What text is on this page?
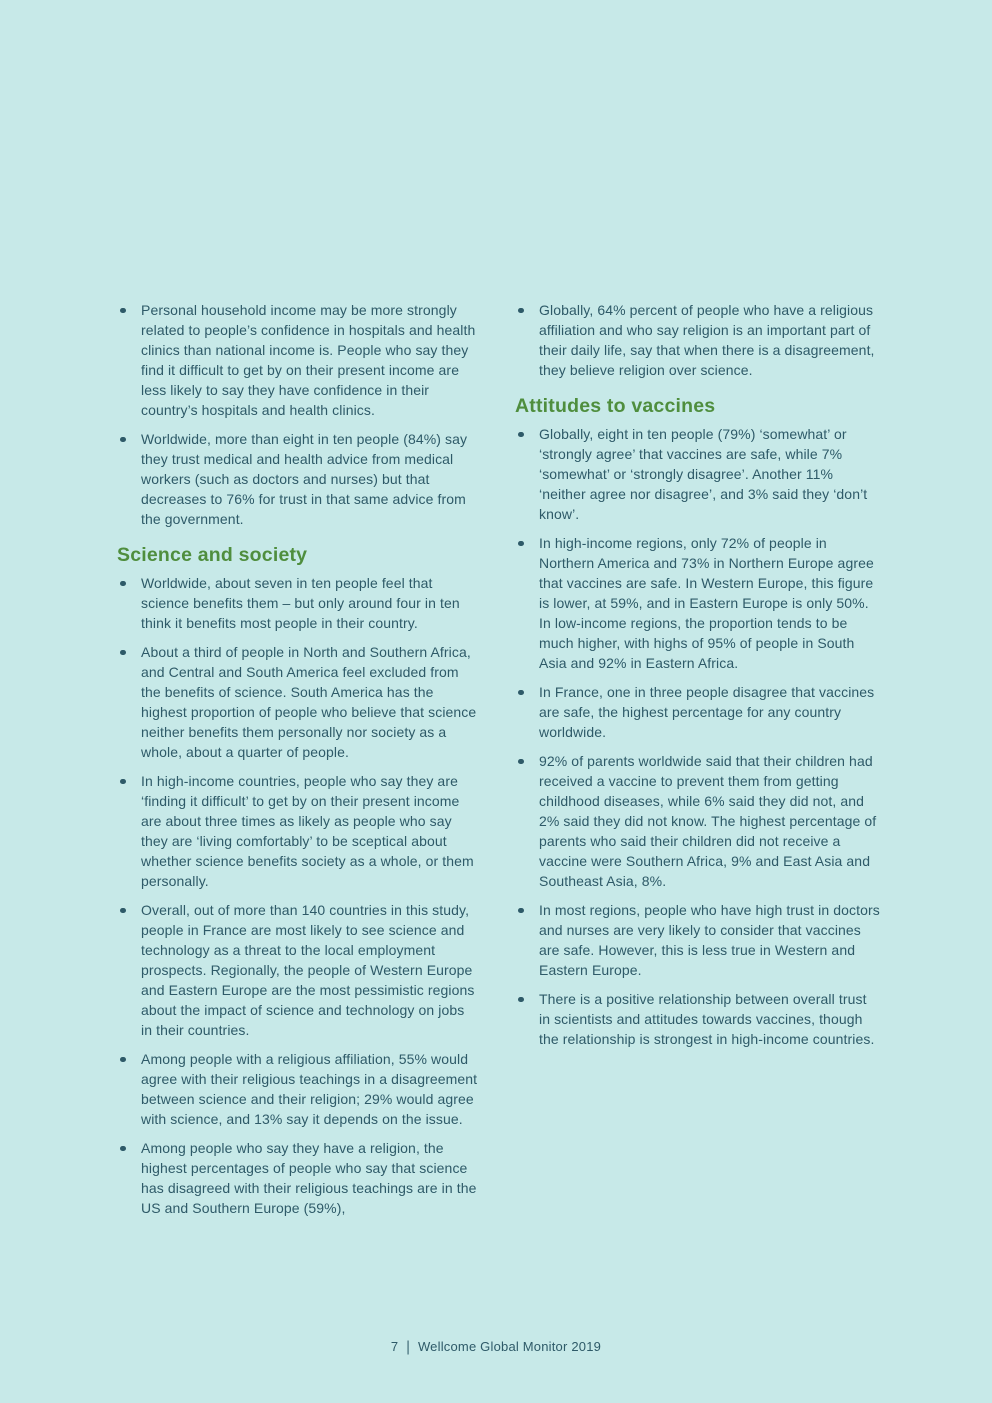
Personal household income may be more strongly related to people’s confidence in hospitals and health clinics than national income is. People who say they find it difficult to get by on their present income are less likely to say they have confidence in their country’s hospitals and health clinics.
Worldwide, more than eight in ten people (84%) say they trust medical and health advice from medical workers (such as doctors and nurses) but that decreases to 76% for trust in that same advice from the government.
Science and society
Worldwide, about seven in ten people feel that science benefits them – but only around four in ten think it benefits most people in their country.
About a third of people in North and Southern Africa, and Central and South America feel excluded from the benefits of science. South America has the highest proportion of people who believe that science neither benefits them personally nor society as a whole, about a quarter of people.
In high-income countries, people who say they are ‘finding it difficult’ to get by on their present income are about three times as likely as people who say they are ‘living comfortably’ to be sceptical about whether science benefits society as a whole, or them personally.
Overall, out of more than 140 countries in this study, people in France are most likely to see science and technology as a threat to the local employment prospects. Regionally, the people of Western Europe and Eastern Europe are the most pessimistic regions about the impact of science and technology on jobs in their countries.
Among people with a religious affiliation, 55% would agree with their religious teachings in a disagreement between science and their religion; 29% would agree with science, and 13% say it depends on the issue.
Among people who say they have a religion, the highest percentages of people who say that science has disagreed with their religious teachings are in the US and Southern Europe (59%),
Globally, 64% percent of people who have a religious affiliation and who say religion is an important part of their daily life, say that when there is a disagreement, they believe religion over science.
Attitudes to vaccines
Globally, eight in ten people (79%) ‘somewhat’ or ‘strongly agree’ that vaccines are safe, while 7% ‘somewhat’ or ‘strongly disagree’. Another 11% ‘neither agree nor disagree’, and 3% said they ‘don’t know’.
In high-income regions, only 72% of people in Northern America and 73% in Northern Europe agree that vaccines are safe. In Western Europe, this figure is lower, at 59%, and in Eastern Europe is only 50%. In low-income regions, the proportion tends to be much higher, with highs of 95% of people in South Asia and 92% in Eastern Africa.
In France, one in three people disagree that vaccines are safe, the highest percentage for any country worldwide.
92% of parents worldwide said that their children had received a vaccine to prevent them from getting childhood diseases, while 6% said they did not, and 2% said they did not know. The highest percentage of parents who said their children did not receive a vaccine were Southern Africa, 9% and East Asia and Southeast Asia, 8%.
In most regions, people who have high trust in doctors and nurses are very likely to consider that vaccines are safe. However, this is less true in Western and Eastern Europe.
There is a positive relationship between overall trust in scientists and attitudes towards vaccines, though the relationship is strongest in high-income countries.
7 | Wellcome Global Monitor 2019
